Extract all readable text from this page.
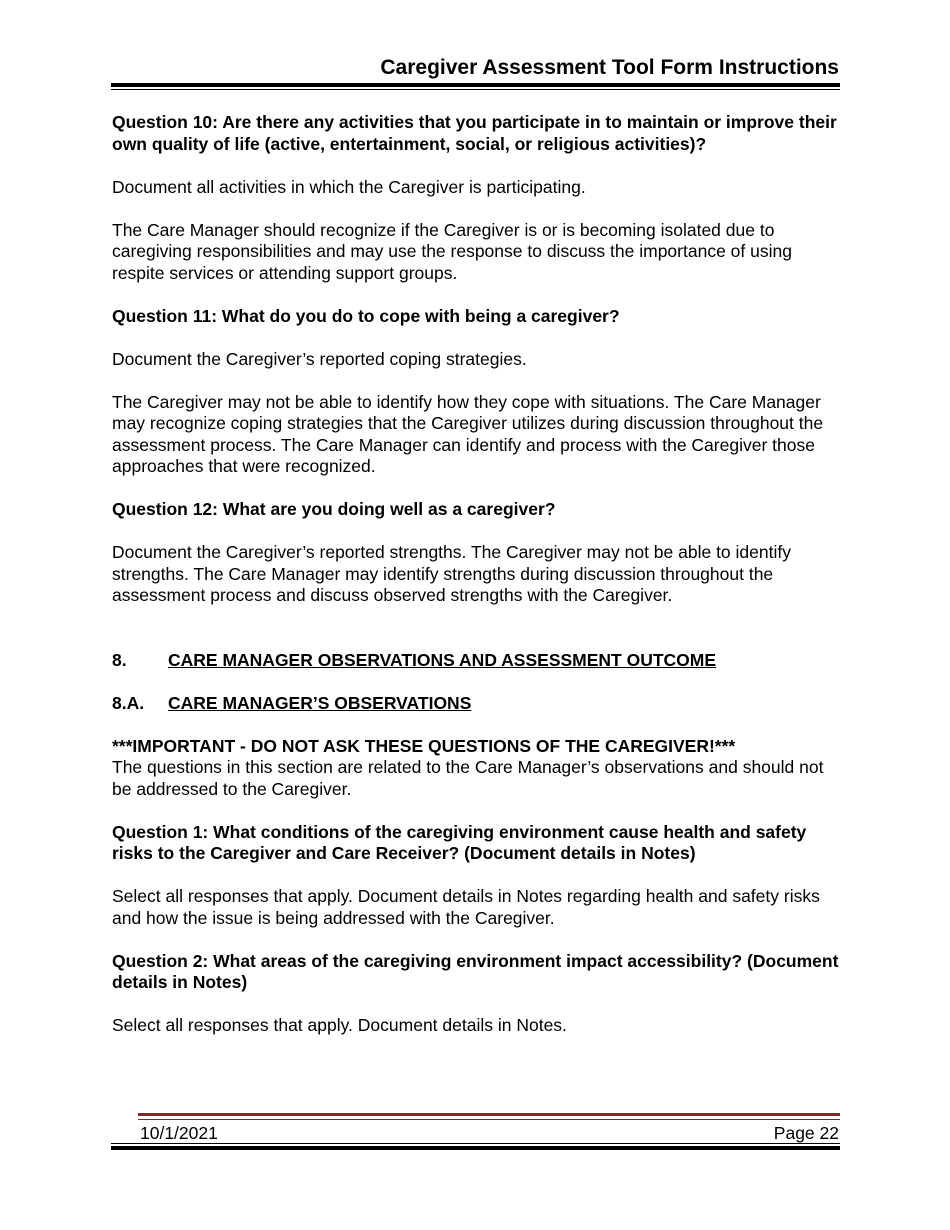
Caregiver Assessment Tool Form Instructions

Question 10: Are there any activities that you participate in to maintain or improve their own quality of life (active, entertainment, social, or religious activities)?

Document all activities in which the Caregiver is participating.

The Care Manager should recognize if the Caregiver is or is becoming isolated due to caregiving responsibilities and may use the response to discuss the importance of using respite services or attending support groups.

Question 11: What do you do to cope with being a caregiver?

Document the Caregiver’s reported coping strategies.

The Caregiver may not be able to identify how they cope with situations. The Care Manager may recognize coping strategies that the Caregiver utilizes during discussion throughout the assessment process. The Care Manager can identify and process with the Caregiver those approaches that were recognized.

Question 12: What are you doing well as a caregiver?

Document the Caregiver’s reported strengths. The Caregiver may not be able to identify strengths. The Care Manager may identify strengths during discussion throughout the assessment process and discuss observed strengths with the Caregiver.

8. CARE MANAGER OBSERVATIONS AND ASSESSMENT OUTCOME
8.A. CARE MANAGER’S OBSERVATIONS

***IMPORTANT - DO NOT ASK THESE QUESTIONS OF THE CAREGIVER!***

The questions in this section are related to the Care Manager’s observations and should not be addressed to the Caregiver.

Question 1: What conditions of the caregiving environment cause health and safety risks to the Caregiver and Care Receiver? (Document details in Notes)

Select all responses that apply. Document details in Notes regarding health and safety risks and how the issue is being addressed with the Caregiver.

Question 2: What areas of the caregiving environment impact accessibility? (Document details in Notes)

Select all responses that apply. Document details in Notes.

10/1/2021	Page 22
